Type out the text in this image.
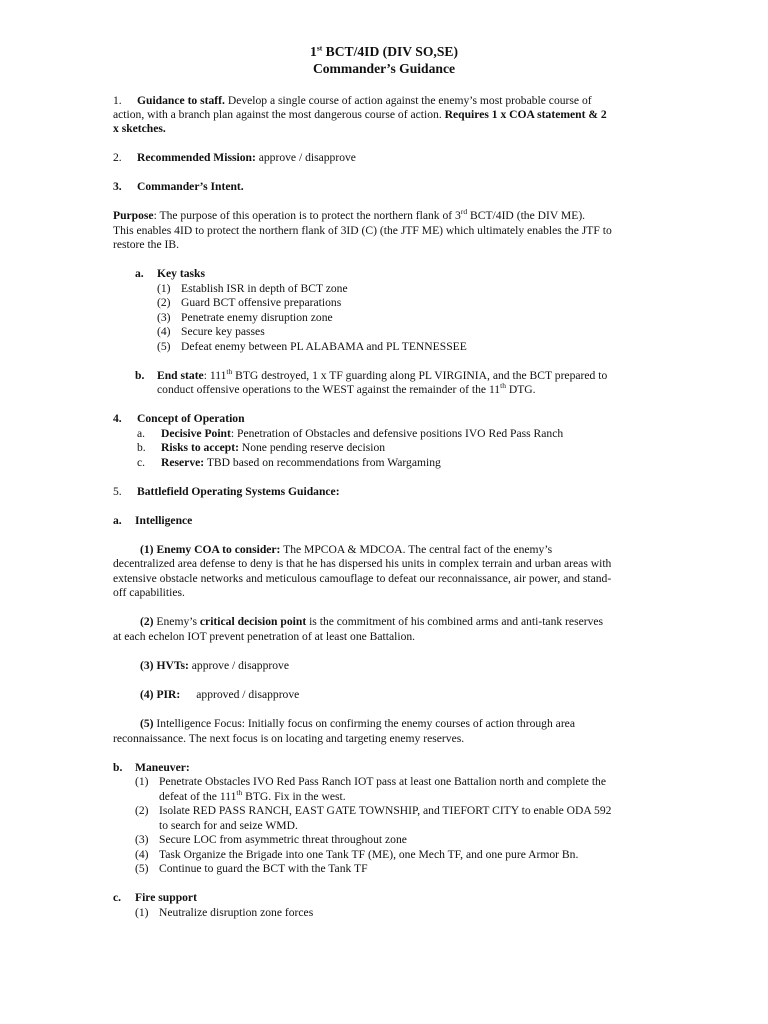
1st BCT/4ID (DIV SO,SE)
Commander’s Guidance
1. Guidance to staff. Develop a single course of action against the enemy’s most probable course of
action, with a branch plan against the most dangerous course of action. Requires 1 x COA statement & 2
x sketches.
2. Recommended Mission: approve / disapprove
3. Commander’s Intent.
Purpose: The purpose of this operation is to protect the northern flank of 3rd BCT/4ID (the DIV ME).
This enables 4ID to protect the northern flank of 3ID (C) (the JTF ME) which ultimately enables the JTF to
restore the IB.
a. Key tasks
(1) Establish ISR in depth of BCT zone
(2) Guard BCT offensive preparations
(3) Penetrate enemy disruption zone
(4) Secure key passes
(5) Defeat enemy between PL ALABAMA and PL TENNESSEE
b. End state: 111th BTG destroyed, 1 x TF guarding along PL VIRGINIA, and the BCT prepared to
conduct offensive operations to the WEST against the remainder of the 11th DTG.
4. Concept of Operation
a. Decisive Point: Penetration of Obstacles and defensive positions IVO Red Pass Ranch
b. Risks to accept: None pending reserve decision
c. Reserve: TBD based on recommendations from Wargaming
5. Battlefield Operating Systems Guidance:
a. Intelligence
(1) Enemy COA to consider: The MPCOA & MDCOA. The central fact of the enemy’s
decentralized area defense to deny is that he has dispersed his units in complex terrain and urban areas with
extensive obstacle networks and meticulous camouflage to defeat our reconnaissance, air power, and stand-
off capabilities.
(2) Enemy’s critical decision point is the commitment of his combined arms and anti-tank reserves
at each echelon IOT prevent penetration of at least one Battalion.
(3) HVTs: approve / disapprove
(4) PIR: approved / disapprove
(5) Intelligence Focus: Initially focus on confirming the enemy courses of action through area
reconnaissance. The next focus is on locating and targeting enemy reserves.
b. Maneuver:
(1) Penetrate Obstacles IVO Red Pass Ranch IOT pass at least one Battalion north and complete the
defeat of the 111th BTG. Fix in the west.
(2) Isolate RED PASS RANCH, EAST GATE TOWNSHIP, and TIEFORT CITY to enable ODA 592
to search for and seize WMD.
(3) Secure LOC from asymmetric threat throughout zone
(4) Task Organize the Brigade into one Tank TF (ME), one Mech TF, and one pure Armor Bn.
(5) Continue to guard the BCT with the Tank TF
c. Fire support
(1) Neutralize disruption zone forces
